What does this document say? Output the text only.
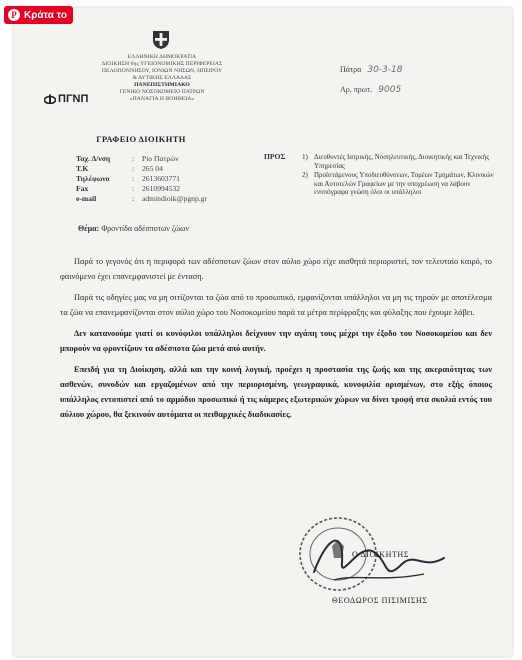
P Κράτα το
ΕΛΛΗΝΙΚΗ ΔΗΜΟΚΡΑΤΙΑ
ΔΙΟΙΚΗΣΗ 6ης ΥΓΕΙΟΝΟΜΙΚΗΣ ΠΕΡΙΦΕΡΕΙΑΣ
ΠΕΛΟΠΟΝΝΗΣΟΥ, ΙΟΝΙΩΝ ΝΗΣΩΝ, ΗΠΕΙΡΟΥ
& ΔΥΤΙΚΗΣ ΕΛΛΑΔΑΣ
ΠΑΝΕΠΙΣΤΗΜΙΑΚΟ
ΓΕΝΙΚΟ ΝΟΣΟΚΟΜΕΙΟ ΠΑΤΡΩΝ
«ΠΑΝΑΓΙΑ Η ΒΟΗΘΕΙΑ»
ΠΓΝΠ
Πάτρα 30-3-18
Αρ. πρωτ. 9005
ΓΡΑΦΕΙΟ ΔΙΟΙΚΗΤΗ
Ταχ. Δ/νση	:	Ρίο Πατρών
Τ.Κ	:	265 04
Τηλέφωνο	:	2613603771
Fax	:	2610994532
e-mail	:	admindioik@pgnp.gr
ΠΡΟΣ	1) Διευθυντές Ιατρικής, Νοσηλευτικής, Διοικητικής και Τεχνικής Υπηρεσίας
2) Προϊστάμενους Υποδιευθύνσεων, Τομέων Τμημάτων, Κλινικών και Αυτοτελών Γραφείων με την υποχρέωση να λάβουν ενυπόγραφα γνώση όλοι οι υπάλληλοι
Θέμα: Φροντίδα αδέσποτων ζώων

Παρά το γεγονός ότι η περιφορά των αδέσποτων ζώων στον αύλιο χώρο είχε αισθητά περιοριστεί, τον τελευταίο καιρό, το φαινόμενο έχει επανεμφανιστεί με ένταση.

Παρά τις οδηγίες μας να μη σιτίζονται τα ζώα από το προσωπικό, εμφανίζονται υπάλληλοι να μη τις τηρούν με αποτέλεσμα τα ζώα να επανεμφανίζονται στον αύλιο χώρο του Νοσοκομείου παρά τα μέτρα περίφραξης και φύλαξης που έχουμε λάβει.

Δεν κατανοούμε γιατί οι κυνόφιλοι υπάλληλοι δείχνουν την αγάπη τους μέχρι την έξοδο του Νοσοκομείου και δεν μπορούν να φροντίζουν τα αδέσποτα ζώα μετά από αυτήν.

Επειδή για τη Διοίκηση, αλλά και την κοινή λογική, προέχει η προστασία της ζωής και της ακεραιότητας των ασθενών, συνοδών και εργαζομένων από την περιορισμένη, γεωγραφικά, κυνοφιλία ορισμένων, στο εξής όποιος υπάλληλος εντοπιστεί από το αρμόδιο προσωπικό ή τις κάμερες εξωτερικών χώρων να δίνει τροφή στα σκυλιά εντός του αύλιου χώρου, θα ξεκινούν αυτόματα οι πειθαρχικές διαδικασίες.

Ο ΔΙΟΙΚΗΤΗΣ
ΘΕΟΔΩΡΟΣ ΠΙΣΙΜΙΣΗΣ
